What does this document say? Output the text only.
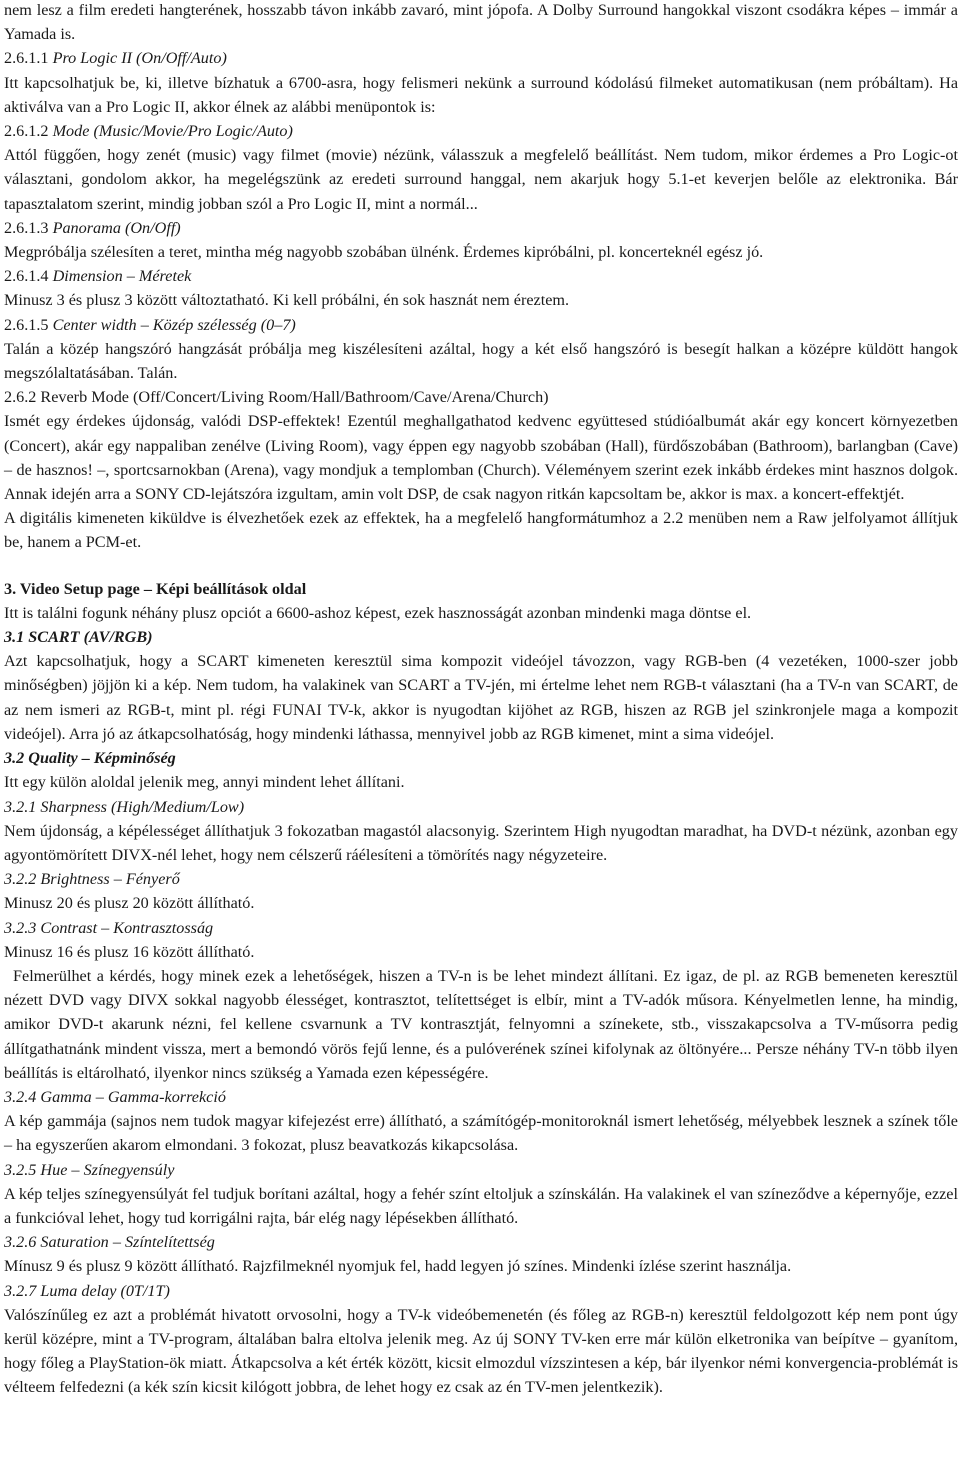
nem lesz a film eredeti hangterének, hosszabb távon inkább zavaró, mint jópofa. A Dolby Surround hangokkal viszont csodákra képes – immár a Yamada is.

2.6.1.1 Pro Logic II (On/Off/Auto)

Itt kapcsolhatjuk be, ki, illetve bízhatuk a 6700-asra, hogy felismeri nekünk a surround kódolású filmeket automatikusan (nem próbáltam). Ha aktiválva van a Pro Logic II, akkor élnek az alábbi menüpontok is:

2.6.1.2 Mode (Music/Movie/Pro Logic/Auto)

Attól függően, hogy zenét (music) vagy filmet (movie) nézünk, válasszuk a megfelelő beállítást. Nem tudom, mikor érdemes a Pro Logic-ot választani, gondolom akkor, ha megelégszünk az eredeti surround hanggal, nem akarjuk hogy 5.1-et keverjen belőle az elektronika. Bár tapasztalatom szerint, mindig jobban szól a Pro Logic II, mint a normál...

2.6.1.3 Panorama (On/Off)

Megpróbálja szélesíten a teret, mintha még nagyobb szobában ülnénk. Érdemes kipróbálni, pl. koncerteknél egész jó.

2.6.1.4 Dimension – Méretek

Minusz 3 és plusz 3 között változtatható. Ki kell próbálni, én sok hasznát nem éreztem.

2.6.1.5 Center width – Közép szélesség (0–7)

Talán a közép hangszóró hangzását próbálja meg kiszélesíteni azáltal, hogy a két első hangszóró is besegít halkan a középre küldött hangok megszólaltatásában. Talán.

2.6.2 Reverb Mode (Off/Concert/Living Room/Hall/Bathroom/Cave/Arena/Church)

Ismét egy érdekes újdonság, valódi DSP-effektek! Ezentúl meghallgathatod kedvenc együttesed stúdióalbumát akár egy koncert környezetben (Concert), akár egy nappaliban zenélve (Living Room), vagy éppen egy nagyobb szobában (Hall), fürdőszobában (Bathroom), barlangban (Cave) – de hasznos! –, sportcsarnokban (Arena), vagy mondjuk a templomban (Church). Véleményem szerint ezek inkább érdekes mint hasznos dolgok. Annak idején arra a SONY CD-lejátszóra izgultam, amin volt DSP, de csak nagyon ritkán kapcsoltam be, akkor is max. a koncert-effektjét.

A digitális kimeneten kiküldve is élvezhetőek ezek az effektek, ha a megfelelő hangformátumhoz a 2.2 menüben nem a Raw jelfolyamot állítjuk be, hanem a PCM-et.

3. Video Setup page – Képi beállítások oldal

Itt is találni fogunk néhány plusz opciót a 6600-ashoz képest, ezek hasznosságát azonban mindenki maga döntse el.

3.1 SCART (AV/RGB)

Azt kapcsolhatjuk, hogy a SCART kimeneten keresztül sima kompozit videójel távozzon, vagy RGB-ben (4 vezetéken, 1000-szer jobb minőségben) jöjjön ki a kép. Nem tudom, ha valakinek van SCART a TV-jén, mi értelme lehet nem RGB-t választani (ha a TV-n van SCART, de az nem ismeri az RGB-t, mint pl. régi FUNAI TV-k, akkor is nyugodtan kijöhet az RGB, hiszen az RGB jel szinkronjele maga a kompozit videójel). Arra jó az átkapcsolhatóság, hogy mindenki láthassa, mennyivel jobb az RGB kimenet, mint a sima videójel.

3.2 Quality – Képminőség

Itt egy külön aloldal jelenik meg, annyi mindent lehet állítani.

3.2.1 Sharpness (High/Medium/Low)

Nem újdonság, a képélességet állíthatjuk 3 fokozatban magastól alacsonyig. Szerintem High nyugodtan maradhat, ha DVD-t nézünk, azonban egy agyontömörített DIVX-nél lehet, hogy nem célszerű ráélesíteni a tömörítés nagy négyzeteire.

3.2.2 Brightness – Fényerő

Minusz 20 és plusz 20 között állítható.

3.2.3 Contrast – Kontrasztosság

Minusz 16 és plusz 16 között állítható.

Felmerülhet a kérdés, hogy minek ezek a lehetőségek, hiszen a TV-n is be lehet mindezt állítani. Ez igaz, de pl. az RGB bemeneten keresztül nézett DVD vagy DIVX sokkal nagyobb élességet, kontrasztot, telítettséget is elbír, mint a TV-adók műsora. Kényelmetlen lenne, ha mindig, amikor DVD-t akarunk nézni, fel kellene csvarnunk a TV kontrasztját, felnyomni a színekete, stb., visszakapcsolva a TV-műsorra pedig állítgathatnánk mindent vissza, mert a bemondó vörös fejű lenne, és a pulóverének színei kifolynak az öltönyére... Persze néhány TV-n több ilyen beállítás is eltárolható, ilyenkor nincs szükség a Yamada ezen képességére.

3.2.4 Gamma – Gamma-korrekció

A kép gammája (sajnos nem tudok magyar kifejezést erre) állítható, a számítógép-monitoroknál ismert lehetőség, mélyebbek lesznek a színek tőle – ha egyszerűen akarom elmondani. 3 fokozat, plusz beavatkozás kikapcsolása.

3.2.5 Hue – Színegyensúly

A kép teljes színegyensúlyát fel tudjuk borítani azáltal, hogy a fehér színt eltoljuk a színskálán. Ha valakinek el van színeződve a képernyője, ezzel a funkcióval lehet, hogy tud korrigálni rajta, bár elég nagy lépésekben állítható.

3.2.6 Saturation – Színtelítettség

Mínusz 9 és plusz 9 között állítható. Rajzfilmeknél nyomjuk fel, hadd legyen jó színes. Mindenki ízlése szerint használja.

3.2.7 Luma delay (0T/1T)

Valószínűleg ez azt a problémát hivatott orvosolni, hogy a TV-k videóbemenetén (és főleg az RGB-n) keresztül feldolgozott kép nem pont úgy kerül középre, mint a TV-program, általában balra eltolva jelenik meg. Az új SONY TV-ken erre már külön elketronika van beípítve – gyanítom, hogy főleg a PlayStation-ök miatt. Átkapcsolva a két érték között, kicsit elmozdul vízszintesen a kép, bár ilyenkor némi konvergencia-problémát is vélteem felfedezni (a kék szín kicsit kilógott jobbra, de lehet hogy ez csak az én TV-men jelentkezik).
